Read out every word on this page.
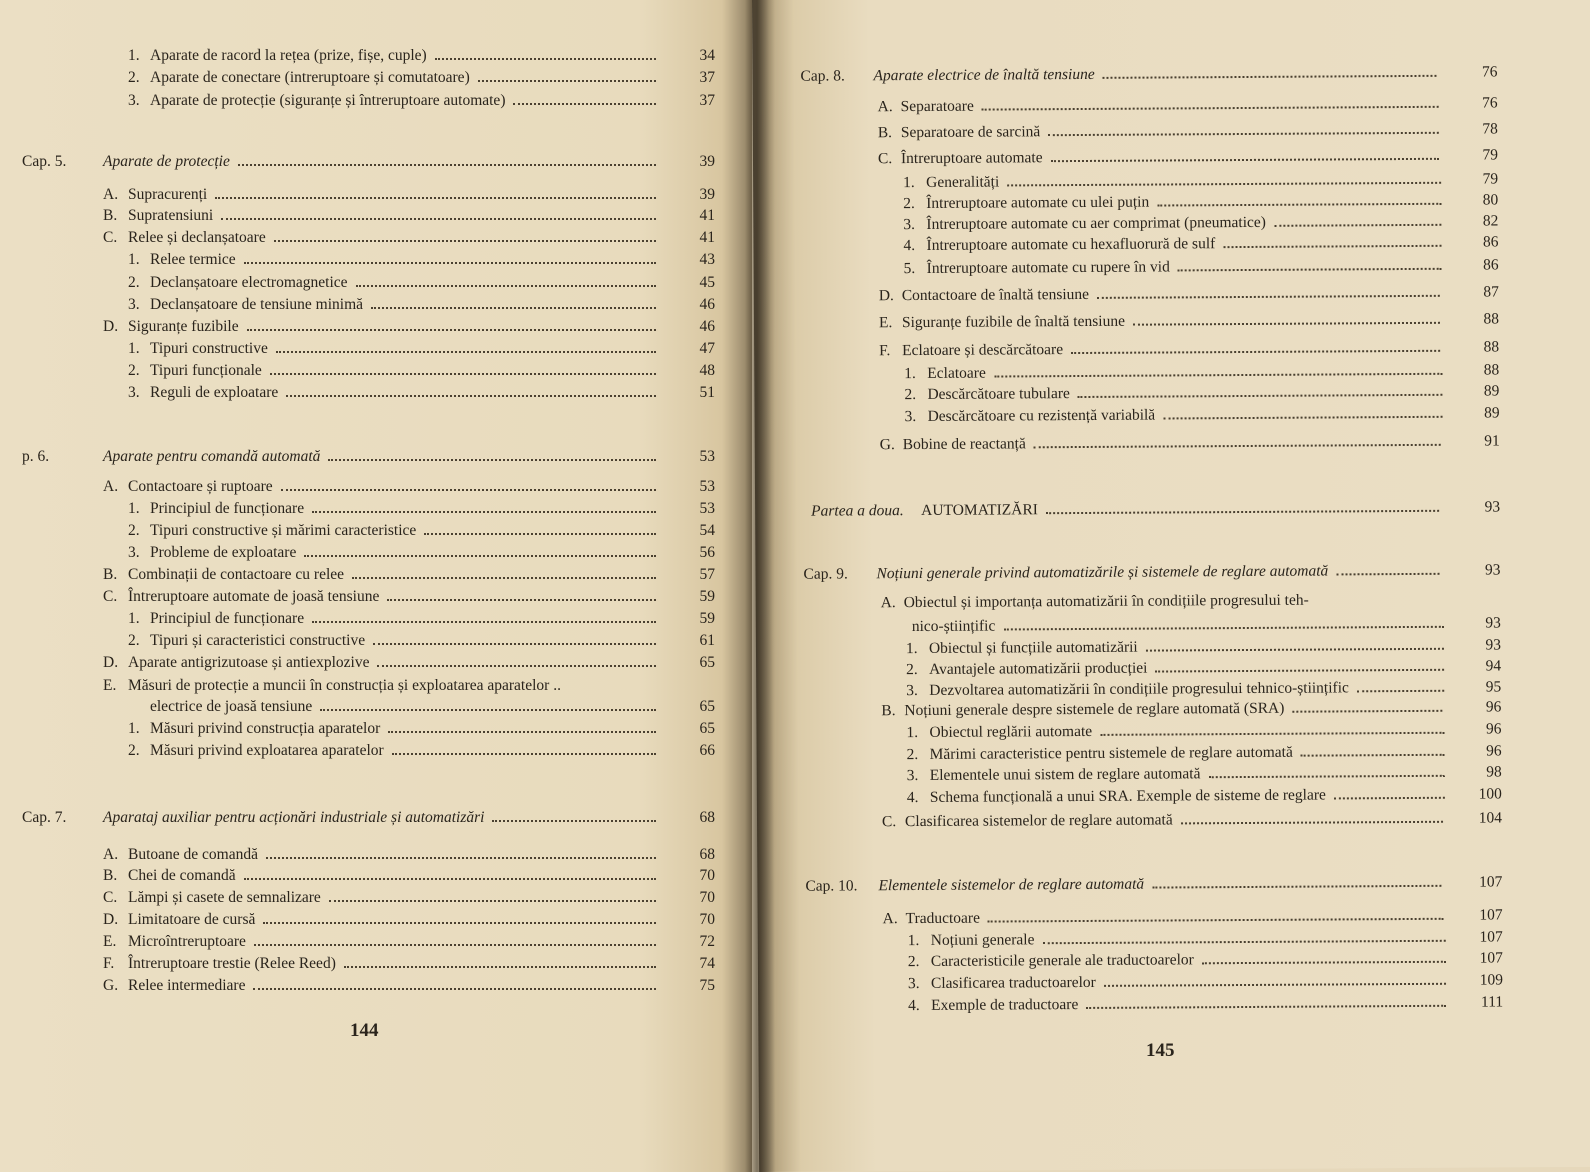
1. Aparate de racord la rețea (prize, fișe, cuple)	34
2. Aparate de conectare (intreruptoare și comutatoare)	37
3. Aparate de protecție (siguranțe și întreruptoare automate)	37
Cap. 5. Aparate de protecție	39
A. Supracurenți	39
B. Supratensiuni	41
C. Relee și declanșatoare	41
1. Relee termice	43
2. Declanșatoare electromagnetice	45
3. Declanșatoare de tensiune minimă	46
D. Siguranțe fuzibile	46
1. Tipuri constructive	47
2. Tipuri funcționale	48
3. Reguli de exploatare	51
p. 6.	Aparate pentru comandă automată	53
A. Contactoare și ruptoare	53
1. Principiul de funcționare	53
2. Tipuri constructive și mărimi caracteristice	54
3. Probleme de exploatare	56
B. Combinații de contactoare cu relee	57
C. Întreruptoare automate de joasă tensiune	59
1. Principiul de funcționare	59
2. Tipuri și caracteristici constructive	61
D. Aparate antigrizutoase și antiexplozive	65
E. Măsuri de protecție a muncii în construcția și exploatarea aparatelor ..
electrice de joasă tensiune	65
1. Măsuri privind construcția aparatelor	65
2. Măsuri privind exploatarea aparatelor	66
Cap. 7. Aparataj auxiliar pentru acționări industriale și automatizări	68
A. Butoane de comandă	68
B. Chei de comandă	70
C. Lămpi și casete de semnalizare	70
D. Limitatoare de cursă	70
E. Microîntreruptoare	72
F. Întreruptoare trestie (Relee Reed)	74
G. Relee intermediare	75
Cap. 8. Aparate electrice de înaltă tensiune	76
A. Separatoare	76
B. Separatoare de sarcină	78
C. Întreruptoare automate	79
1. Generalități	79
2. Întreruptoare automate cu ulei puțin	80
3. Întreruptoare automate cu aer comprimat (pneumatice)	82
4. Întreruptoare automate cu hexafluorură de sulf	86
5. Întreruptoare automate cu rupere în vid	86
D. Contactoare de înaltă tensiune	87
E. Siguranțe fuzibile de înaltă tensiune	88
F. Eclatoare și descărcătoare	88
1. Eclatoare	88
2. Descărcătoare tubulare	89
3. Descărcătoare cu rezistență variabilă	89
G. Bobine de reactanță	91
Partea a doua. AUTOMATIZĂRI	93
Cap. 9. Noțiuni generale privind automatizările și sistemele de reglare automată	93
A. Obiectul și importanța automatizării în condițiile progresului teh-
nico-științific	93
1. Obiectul și funcțiile automatizării	93
2. Avantajele automatizării producției	94
3. Dezvoltarea automatizării în condițiile progresului tehnico-științific	95
B. Noțiuni generale despre sistemele de reglare automată (SRA)	96
1. Obiectul reglării automate	96
2. Mărimi caracteristice pentru sistemele de reglare automată	96
3. Elementele unui sistem de reglare automată	98
4. Schema funcțională a unui SRA. Exemple de sisteme de reglare	100
C. Clasificarea sistemelor de reglare automată	104
Cap. 10. Elementele sistemelor de reglare automată	107
A. Traductoare	107
1. Noțiuni generale	107
2. Caracteristicile generale ale traductoarelor	107
3. Clasificarea traductoarelor	109
4. Exemple de traductoare	111
144
145
